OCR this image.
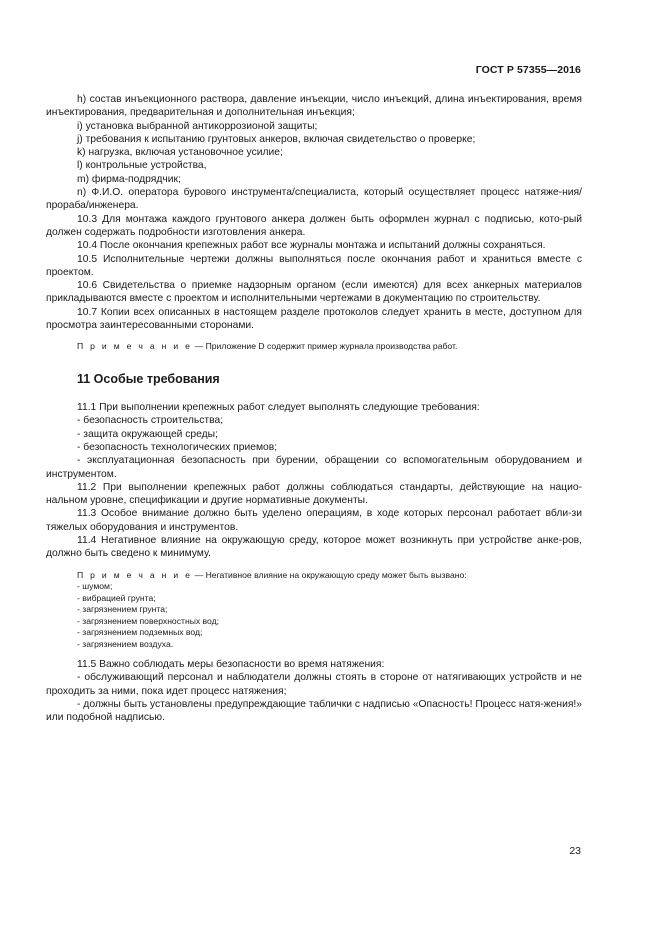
ГОСТ Р 57355—2016

h) состав инъекционного раствора, давление инъекции, число инъекций, длина инъектирования, время инъектирования, предварительная и дополнительная инъекция;

i) установка выбранной антикоррозионой защиты;

j) требования к испытанию грунтовых анкеров, включая свидетельство о проверке;

k) нагрузка, включая установочное усилие;

l) контрольные устройства,

m) фирма-подрядчик;

n) Ф.И.О. оператора бурового инструмента/специалиста, который осуществляет процесс натяже-ния/прораба/инженера.

10.3 Для монтажа каждого грунтового анкера должен быть оформлен журнал с подписью, кото-рый должен содержать подробности изготовления анкера.

10.4 После окончания крепежных работ все журналы монтажа и испытаний должны сохраняться.

10.5 Исполнительные чертежи должны выполняться после окончания работ и храниться вместе с проектом.

10.6 Свидетельства о приемке надзорным органом (если имеются) для всех анкерных материалов прикладываются вместе с проектом и исполнительными чертежами в документацию по строительству.

10.7 Копии всех описанных в настоящем разделе протоколов следует хранить в месте, доступном для просмотра заинтересованными сторонами.

П р и м е ч а н и е — Приложение D содержит пример журнала производства работ.

11 Особые требования

11.1 При выполнении крепежных работ следует выполнять следующие требования:

- безопасность строительства;

- защита окружающей среды;

- безопасность технологических приемов;

- эксплуатационная безопасность при бурении, обращении со вспомогательным оборудованием и инструментом.

11.2 При выполнении крепежных работ должны соблюдаться стандарты, действующие на нацио-нальном уровне, спецификации и другие нормативные документы.

11.3 Особое внимание должно быть уделено операциям, в ходе которых персонал работает вбли-зи тяжелых оборудования и инструментов.

11.4 Негативное влияние на окружающую среду, которое может возникнуть при устройстве анке-ров, должно быть сведено к минимуму.

П р и м е ч а н и е — Негативное влияние на окружающую среду может быть вызвано:

- шумом;

- вибрацией грунта;

- загрязнением грунта;

- загрязнением поверхностных вод;

- загрязнением подземных вод;

- загрязнением воздуха.

11.5 Важно соблюдать меры безопасности во время натяжения:

- обслуживающий персонал и наблюдатели должны стоять в стороне от натягивающих устройств и не проходить за ними, пока идет процесс натяжения;

- должны быть установлены предупреждающие таблички с надписью «Опасность! Процесс натя-жения!» или подобной надписью.

23
